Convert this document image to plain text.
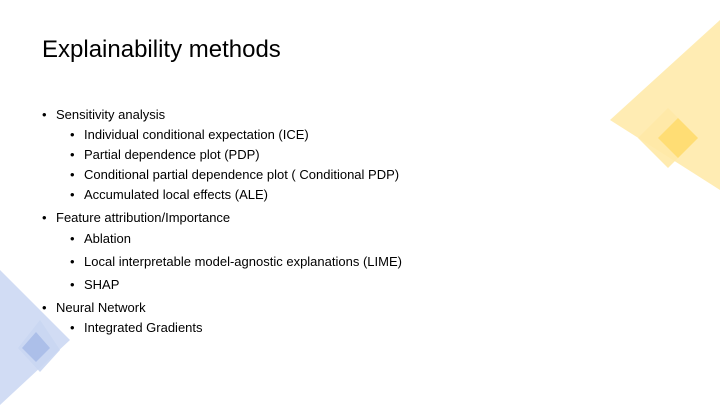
Explainability methods
• Sensitivity analysis
• Individual conditional expectation (ICE)
• Partial dependence plot (PDP)
• Conditional partial dependence plot ( Conditional PDP)
• Accumulated local effects (ALE)
• Feature attribution/Importance
• Ablation
• Local interpretable model-agnostic explanations (LIME)
• SHAP
• Neural Network
• Integrated Gradients
